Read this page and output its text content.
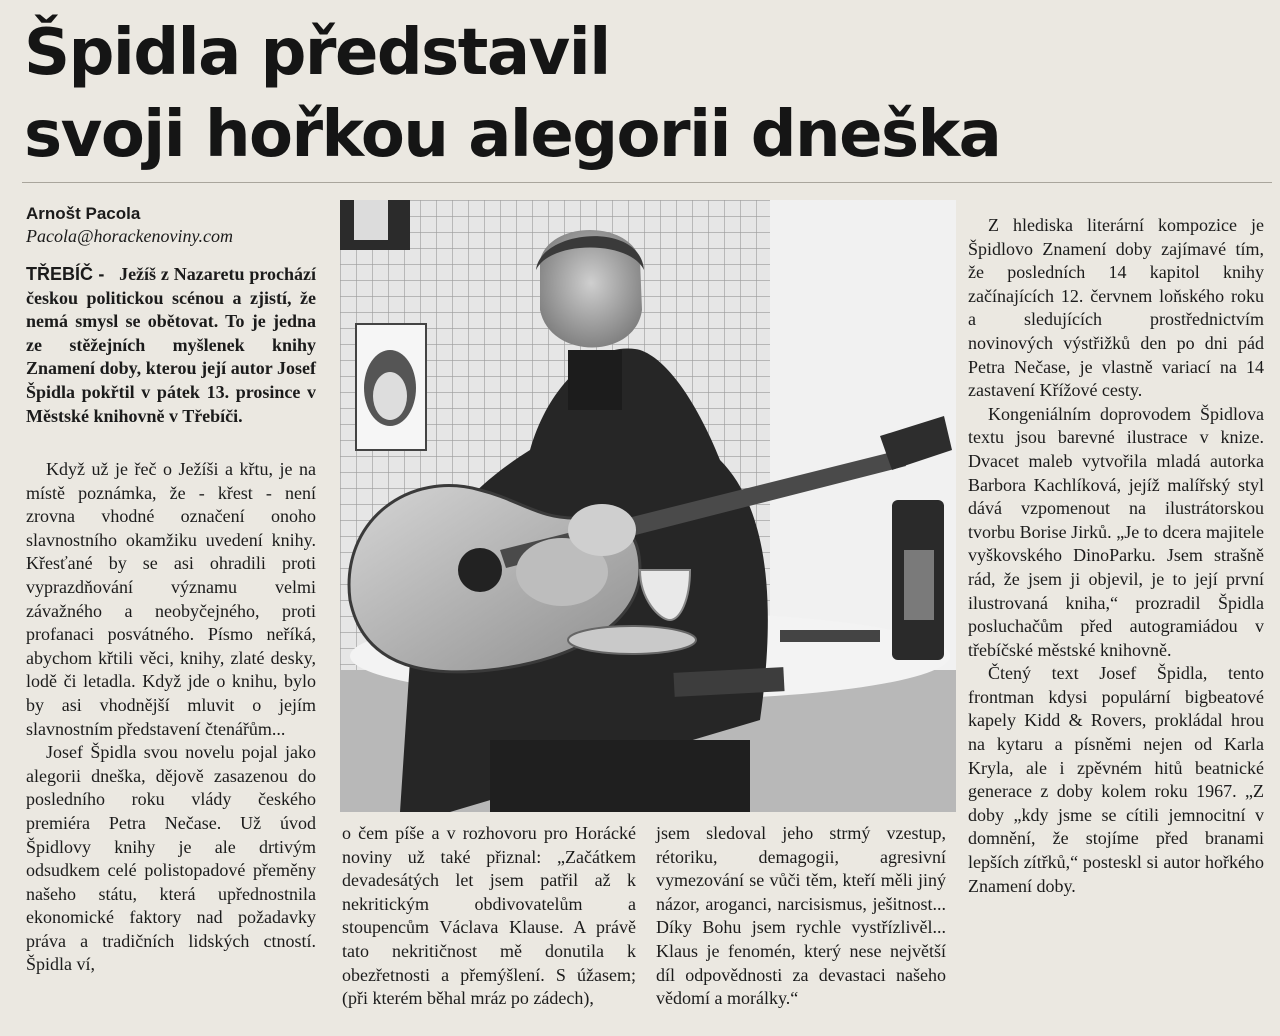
Špidla představil
svoji hořkou alegorii dneška
Arnošt Pacola
Pacola@horackenoviny.com

TŘEBÍČ - Ježíš z Nazaretu prochází českou politickou scénou a zjistí, že nemá smysl se obětovat. To je jedna ze stěžejních myšlenek knihy Znamení doby, kterou její autor Josef Špidla pokřtil v pátek 13. prosince v Městské knihovně v Třebíči.

Když už je řeč o Ježíši a křtu, je na místě poznámka, že - křest - není zrovna vhodné označení onoho slavnostního okamžiku uvedení knihy. Křesťané by se asi ohradili proti vyprazdňování významu velmi závažného a neobyčejného, proti profanaci posvátného. Písmo neříká, abychom křtili věci, knihy, zlaté desky, lodě či letadla. Když jde o knihu, bylo by asi vhodnější mluvit o jejím slavnostním představení čtenářům...

Josef Špidla svou novelu pojal jako alegorii dneška, dějově zasazenou do posledního roku vlády českého premiéra Petra Nečase. Už úvod Špidlovy knihy je ale drtivým odsudkem celé polistopadové přeměny našeho státu, která upřednostnila ekonomické faktory nad požadavky práva a tradičních lidských ctností. Špidla ví,

o čem píše a v rozhovoru pro Horácké noviny už také přiznal: „Začátkem devadesátých let jsem patřil až k nekritickým obdivovatelům a stoupencům Václava Klause. A právě tato nekritičnost mě donutila k obezřetnosti a přemýšlení. S úžasem; (při kterém běhal mráz po zádech),

jsem sledoval jeho strmý vzestup, rétoriku, demagogii, agresivní vymezování se vůči těm, kteří měli jiný názor, aroganci, narcisismus, ješitnost... Díky Bohu jsem rychle vystřízlivěl... Klaus je fenomén, který nese největší díl odpovědnosti za devastaci našeho vědomí a morálky.“

Z hlediska literární kompozice je Špidlovo Znamení doby zajímavé tím, že posledních 14 kapitol knihy začínajících 12. červnem loňského roku a sledujících prostřednictvím novinových výstřižků den po dni pád Petra Nečase, je vlastně variací na 14 zastavení Křížové cesty.

Kongeniálním doprovodem Špidlova textu jsou barevné ilustrace v knize. Dvacet maleb vytvořila mladá autorka Barbora Kachlíková, jejíž malířský styl dává vzpomenout na ilustrátorskou tvorbu Borise Jirků. „Je to dcera majitele vyškovského DinoParku. Jsem strašně rád, že jsem ji objevil, je to její první ilustrovaná kniha,“ prozradil Špidla posluchačům před autogramiádou v třebíčské městské knihovně.

Čtený text Josef Špidla, tento frontman kdysi populární bigbeatové kapely Kidd & Rovers, prokládal hrou na kytaru a písněmi nejen od Karla Kryla, ale i zpěvném hitů beatnické generace z doby kolem roku 1967. „Z doby „kdy jsme se cítili jemnocitní v domnění, že stojíme před branami lepších zítřků,“ posteskl si autor hořkého Znamení doby.
